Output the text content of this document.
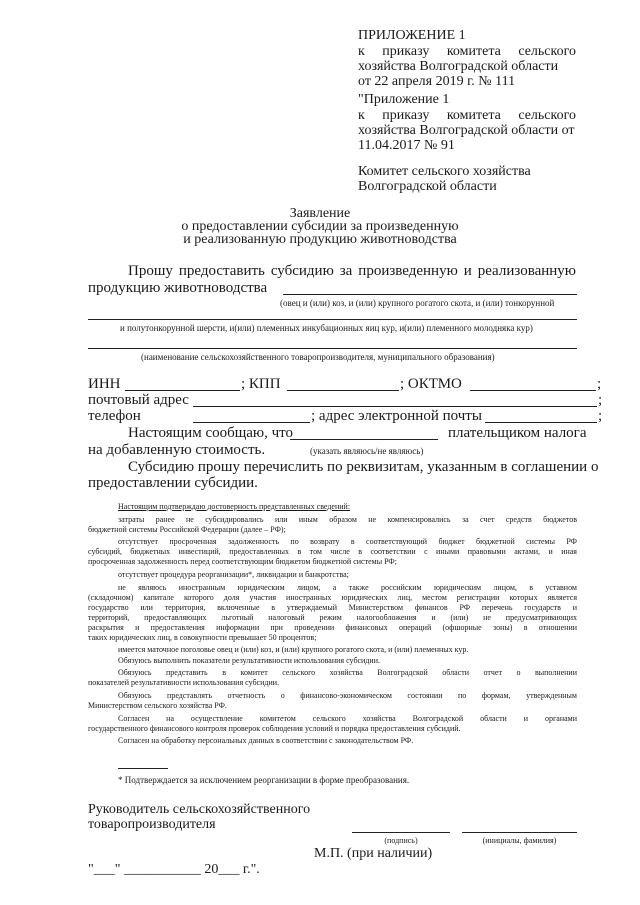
ПРИЛОЖЕНИЕ 1
к приказу комитета сельского
хозяйства Волгоградской области
от 22 апреля 2019 г. № 111
"Приложение 1
к приказу комитета сельского
хозяйства Волгоградской области от
11.04.2017 № 91
Комитет сельского хозяйства
Волгоградской области
Заявление
о предоставлении субсидии за произведенную
и реализованную продукцию животноводства
Прошу предоставить субсидию за произведенную и реализованную
продукцию животноводства
(овец и (или) коз, и (или) крупного рогатого скота, и (или) тонкорунной
и полутонкорунной шерсти, и(или) племенных инкубационных яиц кур, и(или) племенного молодняка кур)
(наименование сельскохозяйственного товаропроизводителя, муниципального образования)
ИНН	; КПП	; ОКТМО	;
почтовый адрес	;
телефон	; адрес электронной почты	;
Настоящим сообщаю, что	плательщиком налога
на добавленную стоимость.	(указать являюсь/не являюсь)
Субсидию прошу перечислить по реквизитам, указанным в соглашении о
предоставлении субсидии.
Настоящим подтверждаю достоверность представленных сведений:
затраты ранее не субсидировались или иным образом не компенсировались за счет средств бюджетов
бюджетной системы Российской Федерации (далее – РФ);
отсутствует просроченная задолженность по возврату в соответствующий бюджет бюджетной системы РФ
субсидий, бюджетных инвестиций, предоставленных в том числе в соответствии с иными правовыми актами, и иная
просроченная задолженность перед соответствующим бюджетом бюджетной системы РФ;
отсутствует процедура реорганизации*, ликвидации и банкротства;
не являюсь иностранным юридическим лицом, а также российским юридическим лицом, в уставном
(складочном) капитале которого доля участия иностранных юридических лиц, местом регистрации которых является
государство или территория, включенные в утверждаемый Министерством финансов РФ перечень государств и
территорий, предоставляющих льготный налоговый режим налогообложения и (или) не предусматривающих
раскрытия и предоставления информации при проведении финансовых операций (офшорные зоны) в отношении
таких юридических лиц, в совокупности превышает 50 процентов;
имеется маточное поголовье овец и (или) коз, и (или) крупного рогатого скота, и (или) племенных кур.
Обязуюсь выполнить показатели результативности использования субсидии.
Обязуюсь представить в комитет сельского хозяйства Волгоградской области отчет о выполнении
показателей результативности использования субсидии.
Обязуюсь представлять отчетность о финансово-экономическом состоянии по формам, утвержденным
Министерством сельского хозяйства РФ.
Согласен на осуществление комитетом сельского хозяйства Волгоградской области и органами
государственного финансового контроля проверок соблюдения условий и порядка предоставления субсидий.
Согласен на обработку персональных данных в соответствии с законодательством РФ.
* Подтверждается за исключением реорганизации в форме преобразования.
Руководитель сельскохозяйственного
товаропроизводителя
(подпись)	(инициалы, фамилия)
М.П. (при наличии)
"___" ___________ 20___ г.".
